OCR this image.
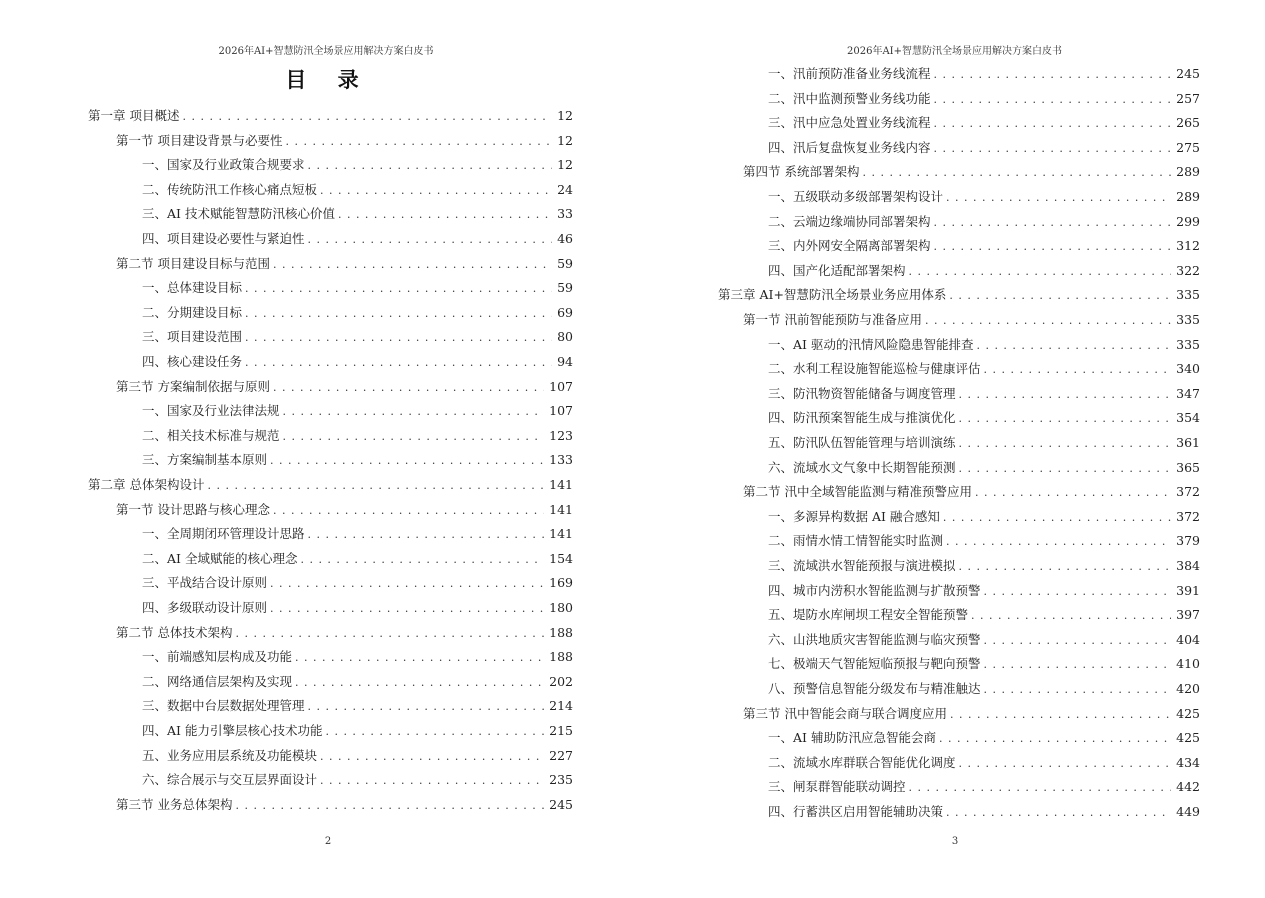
2026年AI+智慧防汛全场景应用解决方案白皮书
目 录
第一章 项目概述 . . .	12
第一节 项目建设背景与必要性 . . .	12
一、国家及行业政策合规要求 . . .	12
二、传统防汛工作核心痛点短板 . . .	24
三、AI 技术赋能智慧防汛核心价值 . . .	33
四、项目建设必要性与紧迫性 . . .	46
第二节 项目建设目标与范围 . . .	59
一、总体建设目标 . . .	59
二、分期建设目标 . . .	69
三、项目建设范围 . . .	80
四、核心建设任务 . . .	94
第三节 方案编制依据与原则 . . .	107
一、国家及行业法律法规 . . .	107
二、相关技术标准与规范 . . .	123
三、方案编制基本原则 . . .	133
第二章 总体架构设计 . . .	141
第一节 设计思路与核心理念 . . .	141
一、全周期闭环管理设计思路 . . .	141
二、AI 全域赋能的核心理念 . . .	154
三、平战结合设计原则 . . .	169
四、多级联动设计原则 . . .	180
第二节 总体技术架构 . . .	188
一、前端感知层构成及功能 . . .	188
二、网络通信层架构及实现 . . .	202
三、数据中台层数据处理管理 . . .	214
四、AI 能力引擎层核心技术功能 . . .	215
五、业务应用层系统及功能模块 . . .	227
六、综合展示与交互层界面设计 . . .	235
第三节 业务总体架构 . . .	245
2
2026年AI+智慧防汛全场景应用解决方案白皮书
一、汛前预防准备业务线流程 . . .	245
二、汛中监测预警业务线功能 . . .	257
三、汛中应急处置业务线流程 . . .	265
四、汛后复盘恢复业务线内容 . . .	275
第四节 系统部署架构 . . .	289
一、五级联动多级部署架构设计 . . .	289
二、云端边缘端协同部署架构 . . .	299
三、内外网安全隔离部署架构 . . .	312
四、国产化适配部署架构 . . .	322
第三章 AI+智慧防汛全场景业务应用体系 . . .	335
第一节 汛前智能预防与准备应用 . . .	335
一、AI 驱动的汛情风险隐患智能排查 . . .	335
二、水利工程设施智能巡检与健康评估 . . .	340
三、防汛物资智能储备与调度管理 . . .	347
四、防汛预案智能生成与推演优化 . . .	354
五、防汛队伍智能管理与培训演练 . . .	361
六、流域水文气象中长期智能预测 . . .	365
第二节 汛中全域智能监测与精准预警应用 . . .	372
一、多源异构数据 AI 融合感知 . . .	372
二、雨情水情工情智能实时监测 . . .	379
三、流域洪水智能预报与演进模拟 . . .	384
四、城市内涝积水智能监测与扩散预警 . . .	391
五、堤防水库闸坝工程安全智能预警 . . .	397
六、山洪地质灾害智能监测与临灾预警 . . .	404
七、极端天气智能短临预报与靶向预警 . . .	410
八、预警信息智能分级发布与精准触达 . . .	420
第三节 汛中智能会商与联合调度应用 . . .	425
一、AI 辅助防汛应急智能会商 . . .	425
二、流域水库群联合智能优化调度 . . .	434
三、闸泵群智能联动调控 . . .	442
四、行蓄洪区启用智能辅助决策 . . .	449
3
